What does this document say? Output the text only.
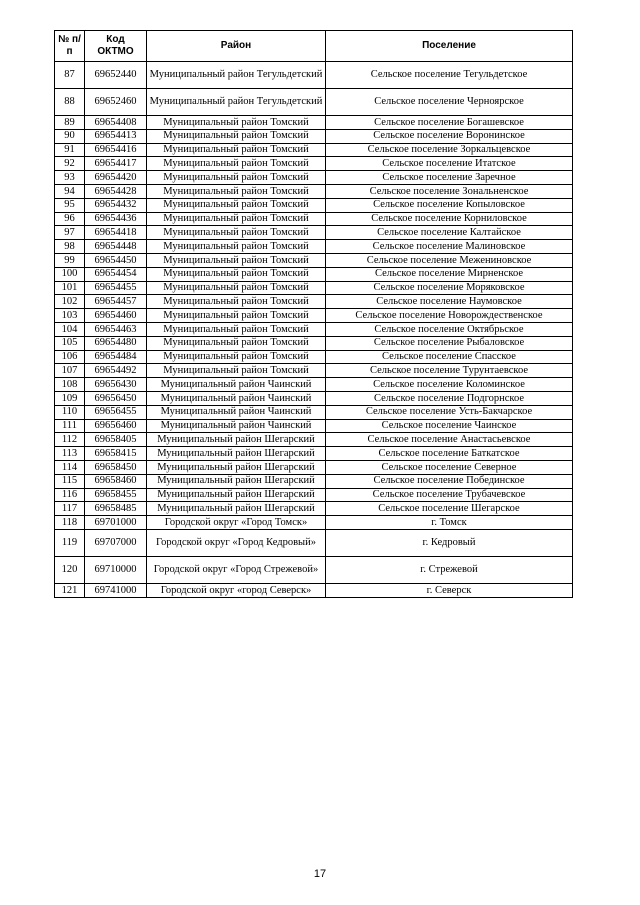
№ п/п	Код ОКТМО	Район	Поселение
87	69652440	Муниципальный район Тегульдетский	Сельское поселение Тегульдетское
88	69652460	Муниципальный район Тегульдетский	Сельское поселение Черноярское
89	69654408	Муниципальный район Томский	Сельское поселение Богашевское
90	69654413	Муниципальный район Томский	Сельское поселение Воронинское
91	69654416	Муниципальный район Томский	Сельское поселение Зоркальцевское
92	69654417	Муниципальный район Томский	Сельское поселение Итатское
93	69654420	Муниципальный район Томский	Сельское поселение Заречное
94	69654428	Муниципальный район Томский	Сельское поселение Зональненское
95	69654432	Муниципальный район Томский	Сельское поселение Копыловское
96	69654436	Муниципальный район Томский	Сельское поселение Корниловское
97	69654418	Муниципальный район Томский	Сельское поселение Калтайское
98	69654448	Муниципальный район Томский	Сельское поселение Малиновское
99	69654450	Муниципальный район Томский	Сельское поселение Межениновское
100	69654454	Муниципальный район Томский	Сельское поселение Мирненское
101	69654455	Муниципальный район Томский	Сельское поселение Моряковское
102	69654457	Муниципальный район Томский	Сельское поселение Наумовское
103	69654460	Муниципальный район Томский	Сельское поселение Новорождественское
104	69654463	Муниципальный район Томский	Сельское поселение Октябрьское
105	69654480	Муниципальный район Томский	Сельское поселение Рыбаловское
106	69654484	Муниципальный район Томский	Сельское поселение Спасское
107	69654492	Муниципальный район Томский	Сельское поселение Турунтаевское
108	69656430	Муниципальный район Чаинский	Сельское поселение Коломинское
109	69656450	Муниципальный район Чаинский	Сельское поселение Подгорнское
110	69656455	Муниципальный район Чаинский	Сельское поселение Усть-Бакчарское
111	69656460	Муниципальный район Чаинский	Сельское поселение Чаинское
112	69658405	Муниципальный район Шегарский	Сельское поселение Анастасьевское
113	69658415	Муниципальный район Шегарский	Сельское поселение Баткатское
114	69658450	Муниципальный район Шегарский	Сельское поселение Северное
115	69658460	Муниципальный район Шегарский	Сельское поселение Побединское
116	69658455	Муниципальный район Шегарский	Сельское поселение Трубачевское
117	69658485	Муниципальный район Шегарский	Сельское поселение Шегарское
118	69701000	Городской округ «Город Томск»	г. Томск
119	69707000	Городской округ «Город Кедровый»	г. Кедровый
120	69710000	Городской округ «Город Стрежевой»	г. Стрежевой
121	69741000	Городской округ «город Северск»	г. Северск
17
